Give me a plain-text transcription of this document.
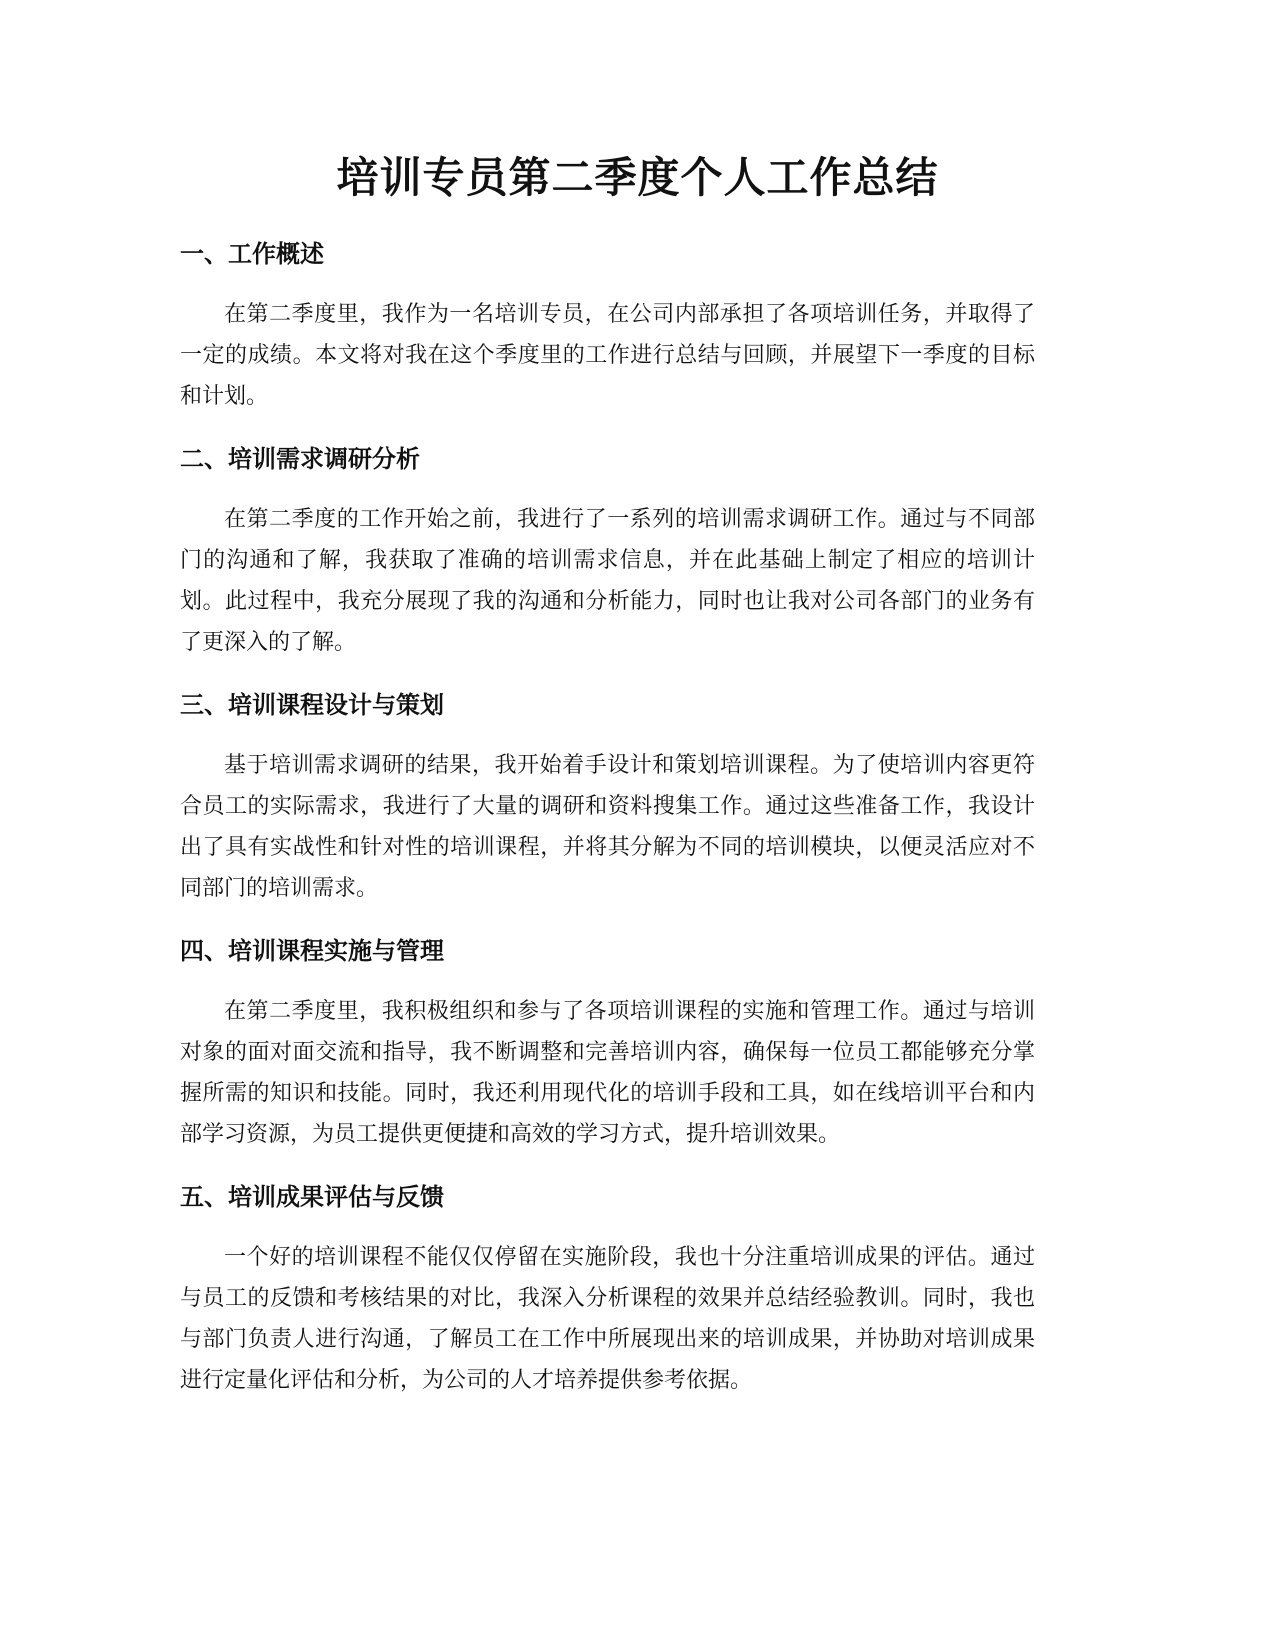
培训专员第二季度个人工作总结
一、工作概述

在第二季度里，我作为一名培训专员，在公司内部承担了各项培训任务，并取得了一定的成绩。本文将对我在这个季度里的工作进行总结与回顾，并展望下一季度的目标和计划。

二、培训需求调研分析

在第二季度的工作开始之前，我进行了一系列的培训需求调研工作。通过与不同部门的沟通和了解，我获取了准确的培训需求信息，并在此基础上制定了相应的培训计划。此过程中，我充分展现了我的沟通和分析能力，同时也让我对公司各部门的业务有了更深入的了解。

三、培训课程设计与策划

基于培训需求调研的结果，我开始着手设计和策划培训课程。为了使培训内容更符合员工的实际需求，我进行了大量的调研和资料搜集工作。通过这些准备工作，我设计出了具有实战性和针对性的培训课程，并将其分解为不同的培训模块，以便灵活应对不同部门的培训需求。

四、培训课程实施与管理

在第二季度里，我积极组织和参与了各项培训课程的实施和管理工作。通过与培训对象的面对面交流和指导，我不断调整和完善培训内容，确保每一位员工都能够充分掌握所需的知识和技能。同时，我还利用现代化的培训手段和工具，如在线培训平台和内部学习资源，为员工提供更便捷和高效的学习方式，提升培训效果。

五、培训成果评估与反馈

一个好的培训课程不能仅仅停留在实施阶段，我也十分注重培训成果的评估。通过与员工的反馈和考核结果的对比，我深入分析课程的效果并总结经验教训。同时，我也与部门负责人进行沟通，了解员工在工作中所展现出来的培训成果，并协助对培训成果进行定量化评估和分析，为公司的人才培养提供参考依据。
